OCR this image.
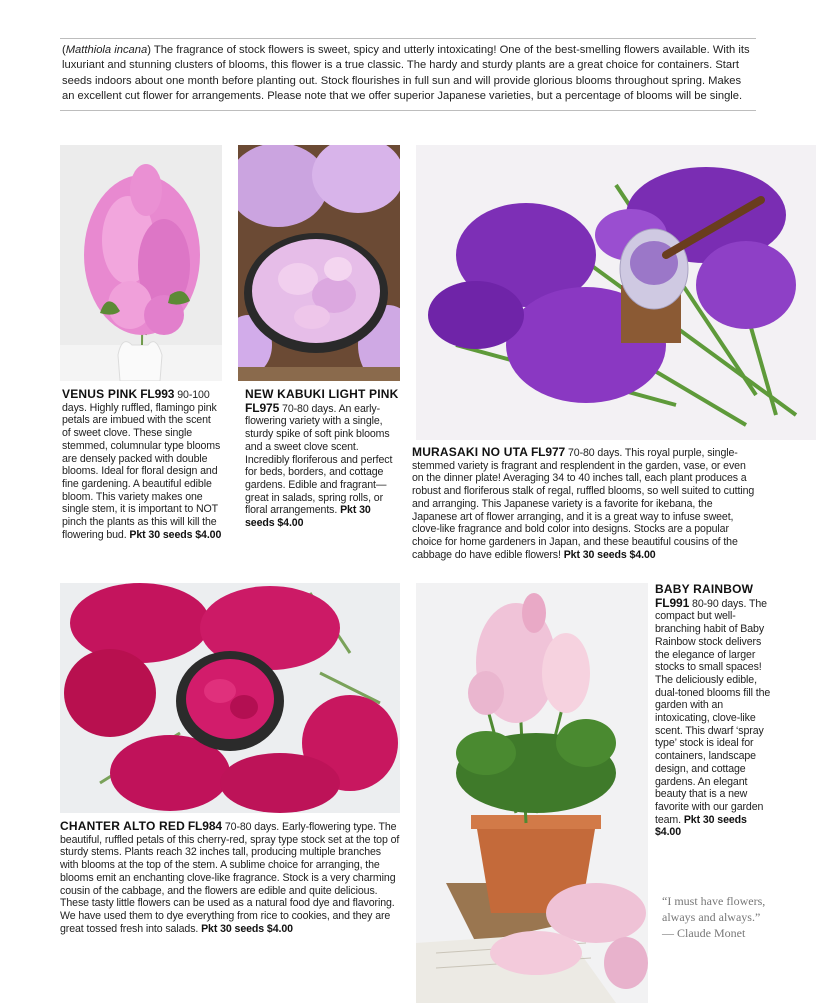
(Matthiola incana) The fragrance of stock flowers is sweet, spicy and utterly intoxicating! One of the best-smelling flowers available. With its luxuriant and stunning clusters of blooms, this flower is a true classic. The hardy and sturdy plants are a great choice for containers. Start seeds indoors about one month before planting out. Stock flourishes in full sun and will provide glorious blooms throughout spring. Makes an excellent cut flower for arrangements. Please note that we offer superior Japanese varieties, but a percentage of blooms will be single.

VENUS PINK FL993 90-100 days. Highly ruffled, flamingo pink petals are imbued with the scent of sweet clove. These single stemmed, columnular type blooms are densely packed with double blooms. Ideal for floral design and fine gardening. A beautiful edible bloom. This variety makes one single stem, it is important to NOT pinch the plants as this will kill the flowering bud. Pkt 30 seeds $4.00

NEW KABUKI LIGHT PINK FL975 70-80 days. An early-flowering variety with a single, sturdy spike of soft pink blooms and a sweet clove scent. Incredibly floriferous and perfect for beds, borders, and cottage gardens. Edible and fragrant—great in salads, spring rolls, or floral arrangements. Pkt 30 seeds $4.00

MURASAKI NO UTA FL977 70-80 days. This royal purple, single-stemmed variety is fragrant and resplendent in the garden, vase, or even on the dinner plate! Averaging 34 to 40 inches tall, each plant produces a robust and floriferous stalk of regal, ruffled blooms, so well suited to cutting and arranging. This Japanese variety is a favorite for ikebana, the Japanese art of flower arranging, and it is a great way to infuse sweet, clove-like fragrance and bold color into designs. Stocks are a popular choice for home gardeners in Japan, and these beautiful cousins of the cabbage do have edible flowers! Pkt 30 seeds $4.00

CHANTER ALTO RED FL984 70-80 days. Early-flowering type. The beautiful, ruffled petals of this cherry-red, spray type stock set at the top of sturdy stems. Plants reach 32 inches tall, producing multiple branches with blooms at the top of the stem. A sublime choice for arranging, the blooms emit an enchanting clove-like fragrance. Stock is a very charming cousin of the cabbage, and the flowers are edible and quite delicious. These tasty little flowers can be used as a natural food dye and flavoring. We have used them to dye everything from rice to cookies, and they are great tossed fresh into salads. Pkt 30 seeds $4.00

BABY RAINBOW FL991 80-90 days. The compact but well-branching habit of Baby Rainbow stock delivers the elegance of larger stocks to small spaces! The deliciously edible, dual-toned blooms fill the garden with an intoxicating, clove-like scent. This dwarf ‘spray type’ stock is ideal for containers, landscape design, and cottage gardens. An elegant beauty that is a new favorite with our garden team. Pkt 30 seeds $4.00

“I must have flowers, always and always.”
— Claude Monet
